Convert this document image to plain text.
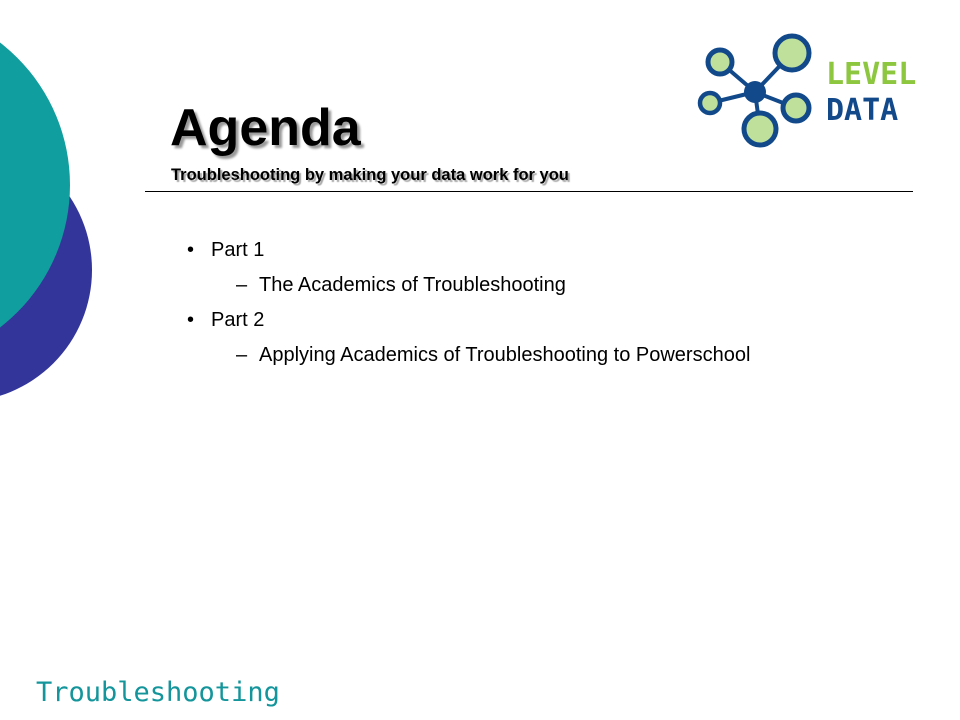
Agenda

Troubleshooting by making your data work for you

LEVEL
DATA
• Part 1
– The Academics of Troubleshooting
• Part 2
– Applying Academics of Troubleshooting to Powerschool

Troubleshooting
